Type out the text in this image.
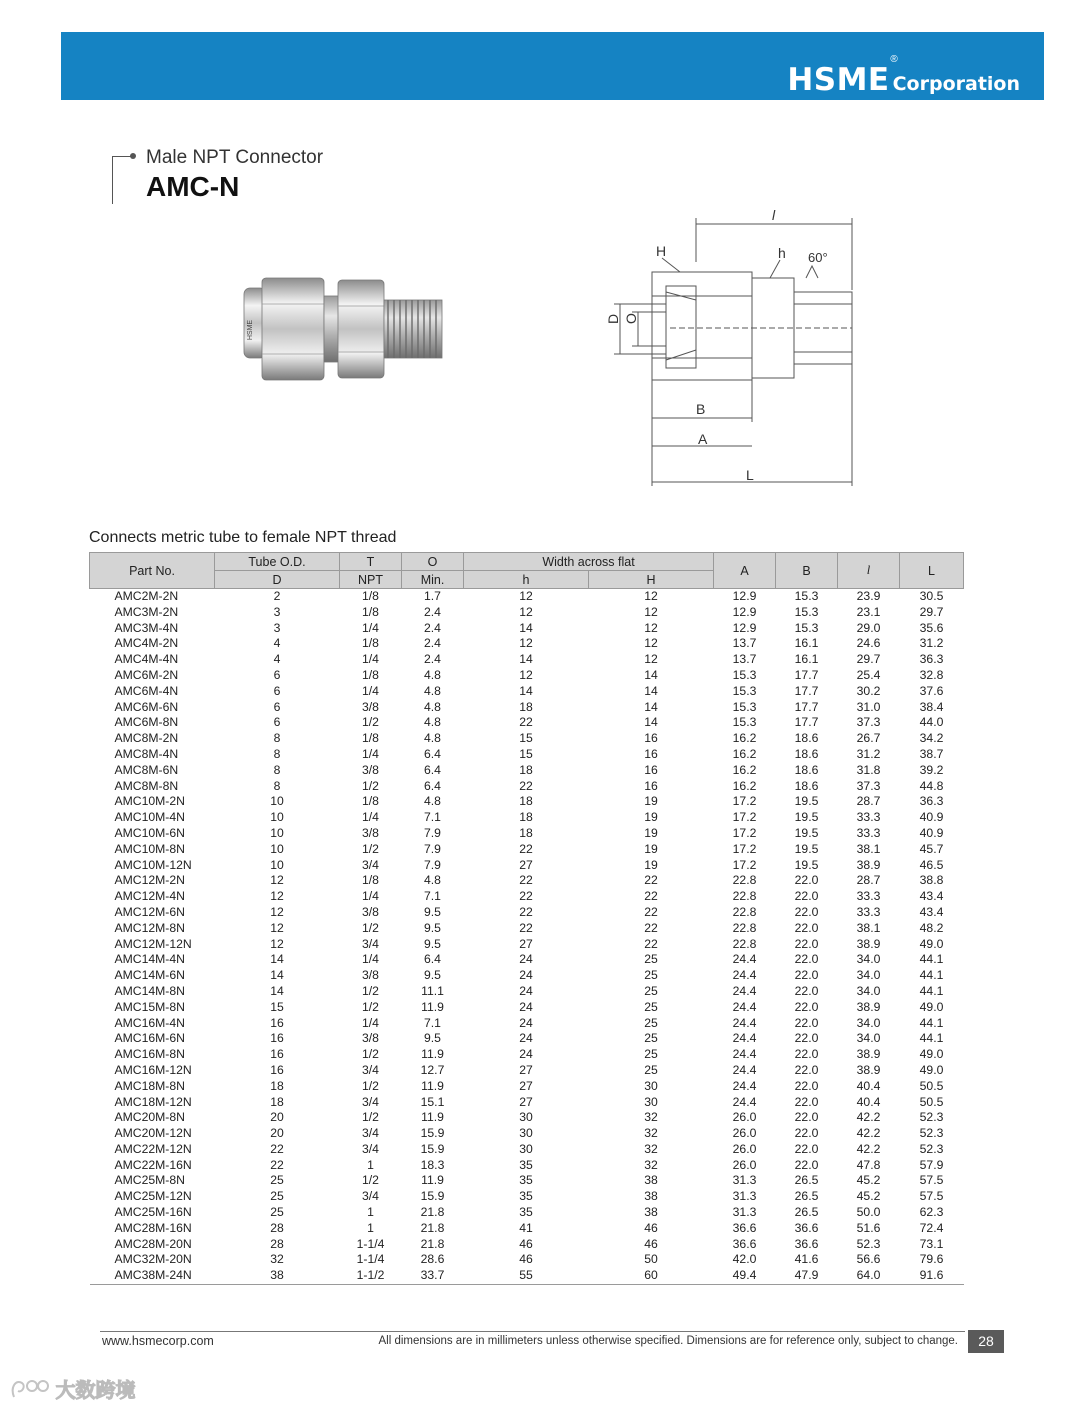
HSME
®
Corporation
Male NPT Connector
AMC-N
HSME
l
H	h 60°
D O
B
A
L
Connects metric tube to female NPT thread
Part No.	Tube O.D.	T	O	Width across flat		A	B	l	L
	D	NPT	Min.	h	H				
AMC2M-2N	2	1/8	1.7	12	12	12.9	15.3	23.9	30.5
AMC3M-2N	3	1/8	2.4	12	12	12.9	15.3	23.1	29.7
AMC3M-4N	3	1/4	2.4	14	12	12.9	15.3	29.0	35.6
AMC4M-2N	4	1/8	2.4	12	12	13.7	16.1	24.6	31.2
AMC4M-4N	4	1/4	2.4	14	12	13.7	16.1	29.7	36.3
AMC6M-2N	6	1/8	4.8	12	14	15.3	17.7	25.4	32.8
AMC6M-4N	6	1/4	4.8	14	14	15.3	17.7	30.2	37.6
AMC6M-6N	6	3/8	4.8	18	14	15.3	17.7	31.0	38.4
AMC6M-8N	6	1/2	4.8	22	14	15.3	17.7	37.3	44.0
AMC8M-2N	8	1/8	4.8	15	16	16.2	18.6	26.7	34.2
AMC8M-4N	8	1/4	6.4	15	16	16.2	18.6	31.2	38.7
AMC8M-6N	8	3/8	6.4	18	16	16.2	18.6	31.8	39.2
AMC8M-8N	8	1/2	6.4	22	16	16.2	18.6	37.3	44.8
AMC10M-2N	10	1/8	4.8	18	19	17.2	19.5	28.7	36.3
AMC10M-4N	10	1/4	7.1	18	19	17.2	19.5	33.3	40.9
AMC10M-6N	10	3/8	7.9	18	19	17.2	19.5	33.3	40.9
AMC10M-8N	10	1/2	7.9	22	19	17.2	19.5	38.1	45.7
AMC10M-12N	10	3/4	7.9	27	19	17.2	19.5	38.9	46.5
AMC12M-2N	12	1/8	4.8	22	22	22.8	22.0	28.7	38.8
AMC12M-4N	12	1/4	7.1	22	22	22.8	22.0	33.3	43.4
AMC12M-6N	12	3/8	9.5	22	22	22.8	22.0	33.3	43.4
AMC12M-8N	12	1/2	9.5	22	22	22.8	22.0	38.1	48.2
AMC12M-12N	12	3/4	9.5	27	22	22.8	22.0	38.9	49.0
AMC14M-4N	14	1/4	6.4	24	25	24.4	22.0	34.0	44.1
AMC14M-6N	14	3/8	9.5	24	25	24.4	22.0	34.0	44.1
AMC14M-8N	14	1/2	11.1	24	25	24.4	22.0	34.0	44.1
AMC15M-8N	15	1/2	11.9	24	25	24.4	22.0	38.9	49.0
AMC16M-4N	16	1/4	7.1	24	25	24.4	22.0	34.0	44.1
AMC16M-6N	16	3/8	9.5	24	25	24.4	22.0	34.0	44.1
AMC16M-8N	16	1/2	11.9	24	25	24.4	22.0	38.9	49.0
AMC16M-12N	16	3/4	12.7	27	25	24.4	22.0	38.9	49.0
AMC18M-8N	18	1/2	11.9	27	30	24.4	22.0	40.4	50.5
AMC18M-12N	18	3/4	15.1	27	30	24.4	22.0	40.4	50.5
AMC20M-8N	20	1/2	11.9	30	32	26.0	22.0	42.2	52.3
AMC20M-12N	20	3/4	15.9	30	32	26.0	22.0	42.2	52.3
AMC22M-12N	22	3/4	15.9	30	32	26.0	22.0	42.2	52.3
AMC22M-16N	22	1	18.3	35	32	26.0	22.0	47.8	57.9
AMC25M-8N	25	1/2	11.9	35	38	31.3	26.5	45.2	57.5
AMC25M-12N	25	3/4	15.9	35	38	31.3	26.5	45.2	57.5
AMC25M-16N	25	1	21.8	35	38	31.3	26.5	50.0	62.3
AMC28M-16N	28	1	21.8	41	46	36.6	36.6	51.6	72.4
AMC28M-20N	28	1-1/4	21.8	46	46	36.6	36.6	52.3	73.1
AMC32M-20N	32	1-1/4	28.6	46	50	42.0	41.6	56.6	79.6
AMC38M-24N	38	1-1/2	33.7	55	60	49.4	47.9	64.0	91.6
www.hsmecorp.com	All dimensions are in millimeters unless otherwise specified. Dimensions are for reference only, subject to change.	28
大数跨境
